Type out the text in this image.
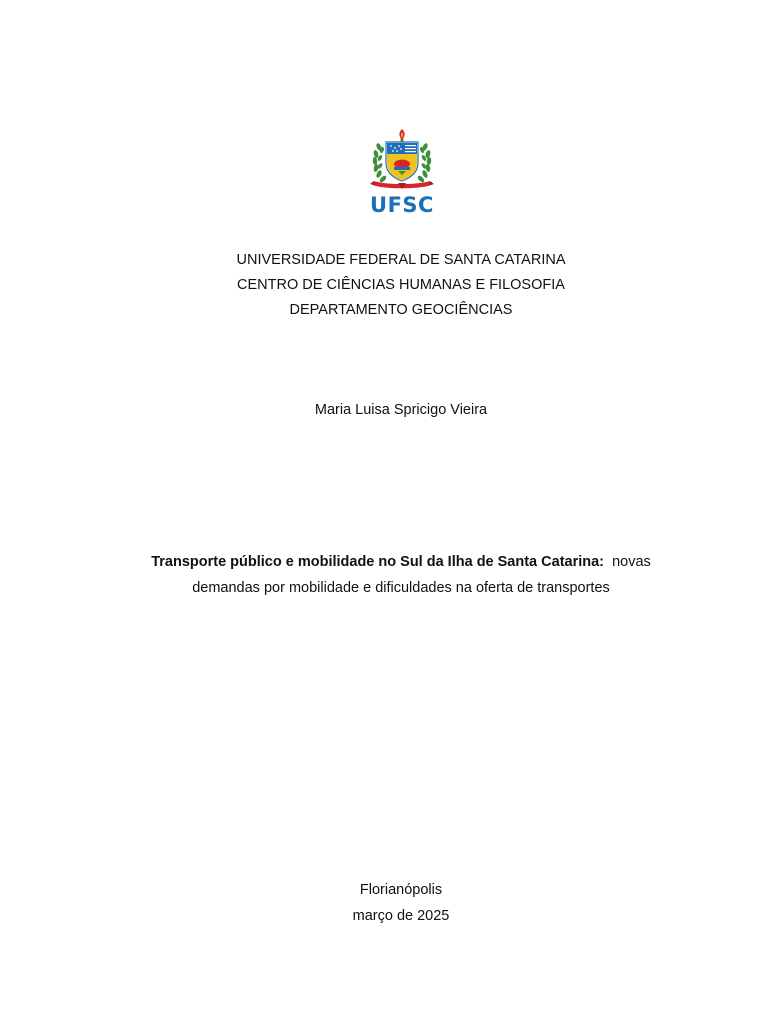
UFSC
UNIVERSIDADE FEDERAL DE SANTA CATARINA
CENTRO DE CIÊNCIAS HUMANAS E FILOSOFIA
DEPARTAMENTO GEOCIÊNCIAS
Maria Luisa Spricigo Vieira
Transporte público e mobilidade no Sul da Ilha de Santa Catarina: novas
demandas por mobilidade e dificuldades na oferta de transportes
Florianópolis
março de 2025
